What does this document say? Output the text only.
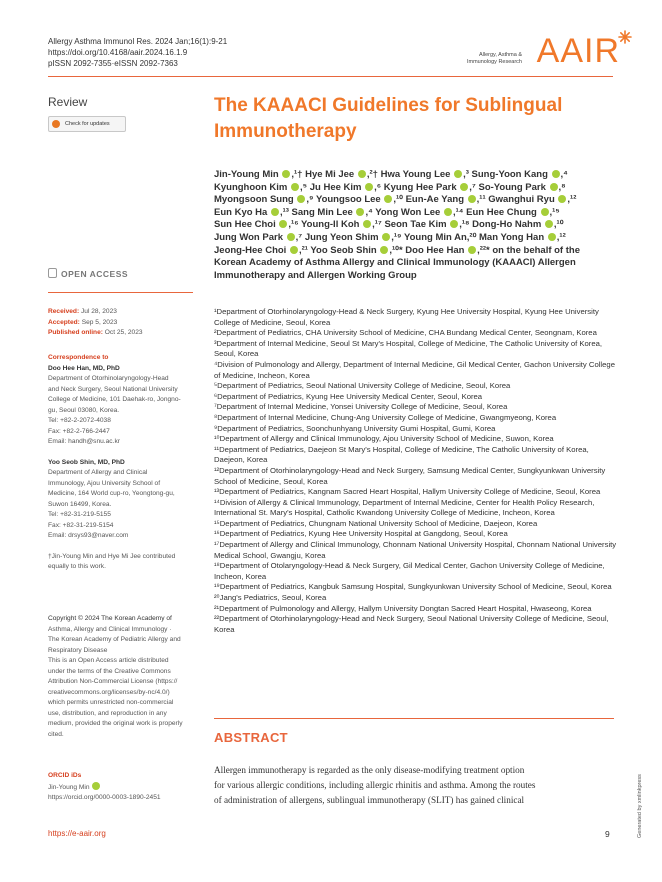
Allergy Asthma Immunol Res. 2024 Jan;16(1):9-21
https://doi.org/10.4168/aair.2024.16.1.9
pISSN 2092-7355·eISSN 2092-7363
Allergy, Asthma &
Immunology Research AAIR
Review
Check for updates
The KAAACI Guidelines for Sublingual
Immunotherapy
Jin-Young Min ,¹† Hye Mi Jee ,²† Hwa Young Lee ,³ Sung-Yoon Kang ,⁴
Kyunghoon Kim ,⁵ Ju Hee Kim ,⁶ Kyung Hee Park ,⁷ So-Young Park ,⁸
Myongsoon Sung ,⁹ Youngsoo Lee ,¹⁰ Eun-Ae Yang ,¹¹ Gwanghui Ryu ,¹²
Eun Kyo Ha ,¹³ Sang Min Lee ,⁴ Yong Won Lee ,¹⁴ Eun Hee Chung ,¹⁵
Sun Hee Choi ,¹⁶ Young-Il Koh ,¹⁷ Seon Tae Kim ,¹⁸ Dong-Ho Nahm ,¹⁰
Jung Won Park ,⁷ Jung Yeon Shim ,¹⁹ Young Min An,²⁰ Man Yong Han ,¹²
Jeong-Hee Choi ,²¹ Yoo Seob Shin ,¹⁰* Doo Hee Han ,²²* on the behalf of the
Korean Academy of Asthma Allergy and Clinical Immunology (KAAACI) Allergen
Immunotherapy and Allergen Working Group
OPEN ACCESS

Received: Jul 28, 2023

Accepted: Sep 5, 2023

Published online: Oct 25, 2023

Correspondence to

Doo Hee Han, MD, PhD

Department of Otorhinolaryngology-Head
and Neck Surgery, Seoul National University
College of Medicine, 101 Daehak-ro, Jongno-
gu, Seoul 03080, Korea.
Tel: +82-2-2072-4038
Fax: +82-2-766-2447
Email: handh@snu.ac.kr

Yoo Seob Shin, MD, PhD

Department of Allergy and Clinical
Immunology, Ajou University School of
Medicine, 164 World cup-ro, Yeongtong-gu,
Suwon 16499, Korea.
Tel: +82-31-219-5155
Fax: +82-31-219-5154
Email: drsys93@naver.com
†Jin-Young Min and Hye Mi Jee contributed
equally to this work.
Copyright © 2024 The Korean Academy of
Asthma, Allergy and Clinical Immunology ·
The Korean Academy of Pediatric Allergy and
Respiratory Disease
This is an Open Access article distributed
under the terms of the Creative Commons
Attribution Non-Commercial License (https://
creativecommons.org/licenses/by-nc/4.0/)
which permits unrestricted non-commercial
use, distribution, and reproduction in any
medium, provided the original work is properly
cited.

ORCID iDs

Jin-Young Min

https://orcid.org/0000-0003-1890-2451

¹Department of Otorhinolaryngology-Head & Neck Surgery, Kyung Hee University Hospital, Kyung Hee University College of Medicine, Seoul, Korea
²Department of Pediatrics, CHA University School of Medicine, CHA Bundang Medical Center, Seongnam, Korea
³Department of Internal Medicine, Seoul St Mary's Hospital, College of Medicine, The Catholic University of Korea, Seoul, Korea
⁴Division of Pulmonology and Allergy, Department of Internal Medicine, Gil Medical Center, Gachon University College of Medicine, Incheon, Korea
⁵Department of Pediatrics, Seoul National University College of Medicine, Seoul, Korea
⁶Department of Pediatrics, Kyung Hee University Medical Center, Seoul, Korea
⁷Department of Internal Medicine, Yonsei University College of Medicine, Seoul, Korea
⁸Department of Internal Medicine, Chung-Ang University College of Medicine, Gwangmyeong, Korea
⁹Department of Pediatrics, Soonchunhyang University Gumi Hospital, Gumi, Korea
¹⁰Department of Allergy and Clinical Immunology, Ajou University School of Medicine, Suwon, Korea
¹¹Department of Pediatrics, Daejeon St Mary's Hospital, College of Medicine, The Catholic University of Korea, Daejeon, Korea
¹²Department of Otorhinolaryngology-Head and Neck Surgery, Samsung Medical Center, Sungkyunkwan University School of Medicine, Seoul, Korea
¹³Department of Pediatrics, Kangnam Sacred Heart Hospital, Hallym University College of Medicine, Seoul, Korea
¹⁴Division of Allergy & Clinical Immunology, Department of Internal Medicine, Center for Health Policy Research, International St. Mary's Hospital, Catholic Kwandong University College of Medicine, Incheon, Korea
¹⁵Department of Pediatrics, Chungnam National University School of Medicine, Daejeon, Korea
¹⁶Department of Pediatrics, Kyung Hee University Hospital at Gangdong, Seoul, Korea
¹⁷Department of Allergy and Clinical Immunology, Chonnam National University Hospital, Chonnam National University Medical School, Gwangju, Korea
¹⁸Department of Otolaryngology-Head & Neck Surgery, Gil Medical Center, Gachon University College of Medicine, Incheon, Korea
¹⁹Department of Pediatrics, Kangbuk Samsung Hospital, Sungkyunkwan University School of Medicine, Seoul, Korea
²⁰Jang's Pediatrics, Seoul, Korea
²¹Department of Pulmonology and Allergy, Hallym University Dongtan Sacred Heart Hospital, Hwaseong, Korea
²²Department of Otorhinolaryngology-Head and Neck Surgery, Seoul National University College of Medicine, Seoul, Korea
ABSTRACT
Allergen immunotherapy is regarded as the only disease-modifying treatment option
for various allergic conditions, including allergic rhinitis and asthma. Among the routes
of administration of allergens, sublingual immunotherapy (SLIT) has gained clinical
https://e-aair.org	9	Generated by xmlinkpress
